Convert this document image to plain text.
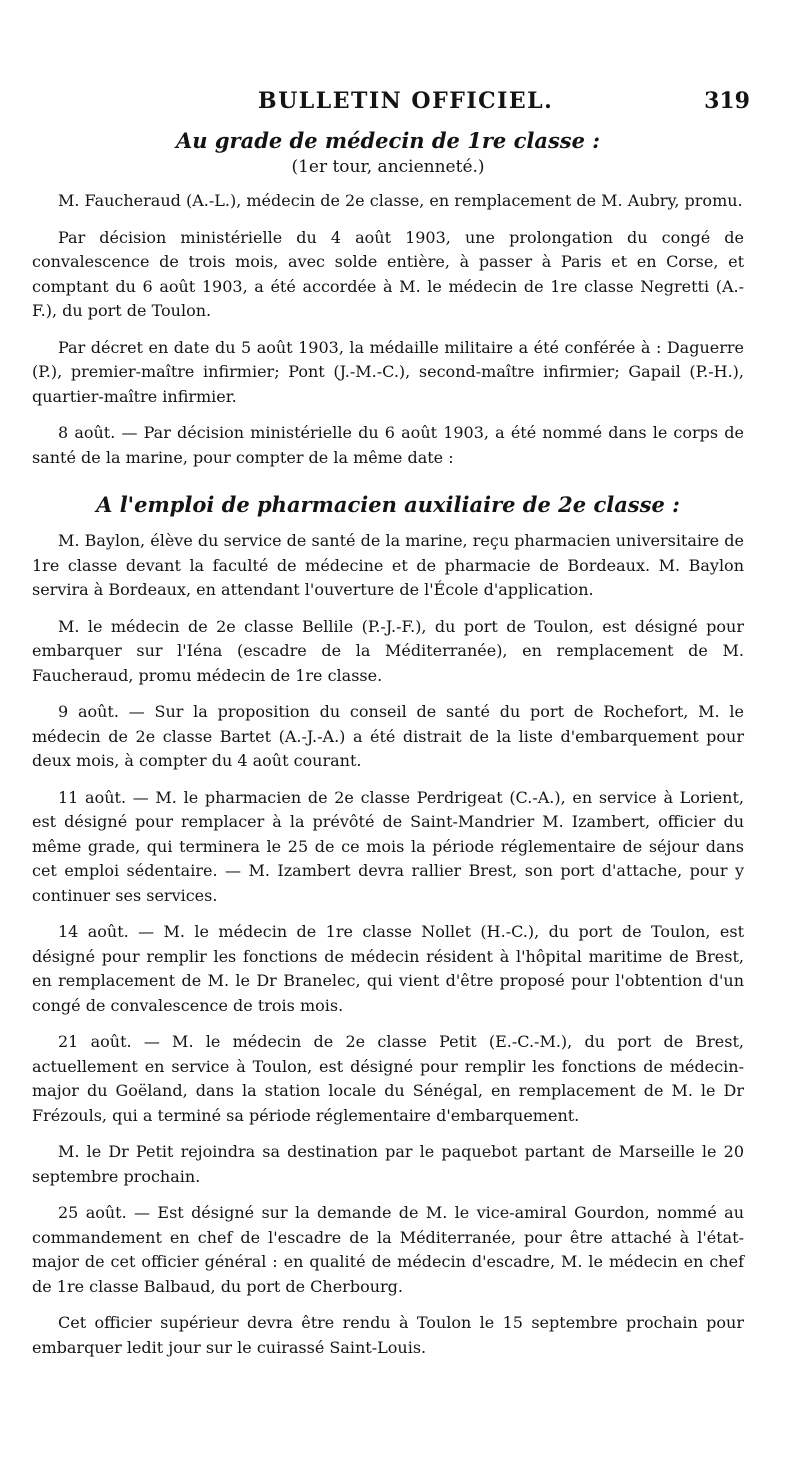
BULLETIN OFFICIEL.	319
Au grade de médecin de 1re classe :
(1er tour, ancienneté.)

M. Faucheraud (A.-L.), médecin de 2e classe, en remplacement de M. Aubry, promu.

Par décision ministérielle du 4 août 1903, une prolongation du congé de convalescence de trois mois, avec solde entière, à passer à Paris et en Corse, et comptant du 6 août 1903, a été accordée à M. le médecin de 1re classe Negretti (A.-F.), du port de Toulon.

Par décret en date du 5 août 1903, la médaille militaire a été conférée à : Daguerre (P.), premier-maître infirmier; Pont (J.-M.-C.), second-maître infirmier; Gapail (P.-H.), quartier-maître infirmier.

8 août. — Par décision ministérielle du 6 août 1903, a été nommé dans le corps de santé de la marine, pour compter de la même date :

A l'emploi de pharmacien auxiliaire de 2e classe :

M. Baylon, élève du service de santé de la marine, reçu pharmacien universitaire de 1re classe devant la faculté de médecine et de pharmacie de Bordeaux. M. Baylon servira à Bordeaux, en attendant l'ouverture de l'École d'application.

M. le médecin de 2e classe Bellile (P.-J.-F.), du port de Toulon, est désigné pour embarquer sur l'Iéna (escadre de la Méditerranée), en remplacement de M. Faucheraud, promu médecin de 1re classe.

9 août. — Sur la proposition du conseil de santé du port de Rochefort, M. le médecin de 2e classe Bartet (A.-J.-A.) a été distrait de la liste d'embarquement pour deux mois, à compter du 4 août courant.

11 août. — M. le pharmacien de 2e classe Perdrigeat (C.-A.), en service à Lorient, est désigné pour remplacer à la prévôté de Saint-Mandrier M. Izambert, officier du même grade, qui terminera le 25 de ce mois la période réglementaire de séjour dans cet emploi sédentaire. — M. Izambert devra rallier Brest, son port d'attache, pour y continuer ses services.

14 août. — M. le médecin de 1re classe Nollet (H.-C.), du port de Toulon, est désigné pour remplir les fonctions de médecin résident à l'hôpital maritime de Brest, en remplacement de M. le Dr Branelec, qui vient d'être proposé pour l'obtention d'un congé de convalescence de trois mois.

21 août. — M. le médecin de 2e classe Petit (E.-C.-M.), du port de Brest, actuellement en service à Toulon, est désigné pour remplir les fonctions de médecin-major du Goëland, dans la station locale du Sénégal, en remplacement de M. le Dr Frézouls, qui a terminé sa période réglementaire d'embarquement.

M. le Dr Petit rejoindra sa destination par le paquebot partant de Marseille le 20 septembre prochain.

25 août. — Est désigné sur la demande de M. le vice-amiral Gourdon, nommé au commandement en chef de l'escadre de la Méditerranée, pour être attaché à l'état-major de cet officier général : en qualité de médecin d'escadre, M. le médecin en chef de 1re classe Balbaud, du port de Cherbourg.

Cet officier supérieur devra être rendu à Toulon le 15 septembre prochain pour embarquer ledit jour sur le cuirassé Saint-Louis.
